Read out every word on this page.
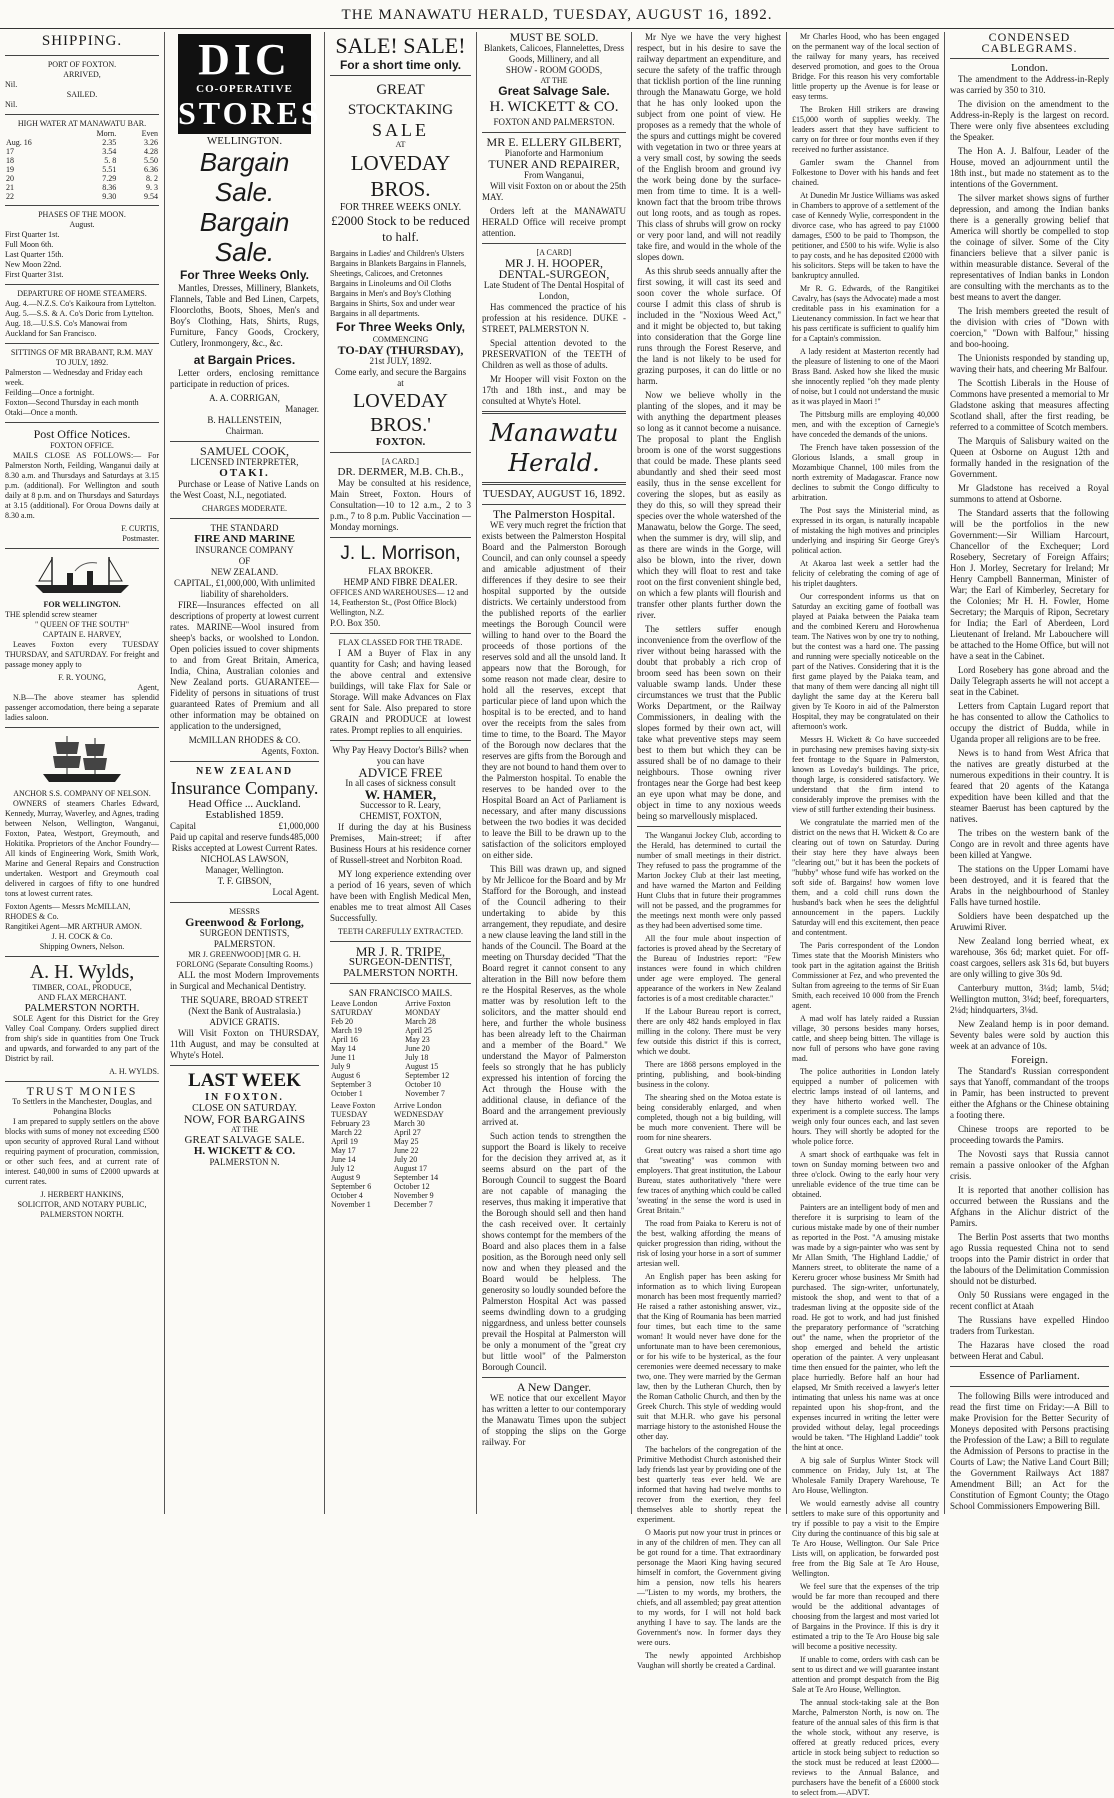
THE MANAWATU HERALD, TUESDAY, AUGUST 16, 1892.
SHIPPING.
PORT OF FOXTON.
ARRIVED,
Nil.
SAILED.
Nil.
HIGH WATER AT MANAWATU BAR.
	Morn.	Even
Aug. 16	2.35	3.26
17	3.54	4.28
18	5. 8	5.50
19	5.51	6.36
20	7.29	8. 2
21	8.36	9. 3
22	9.30	9.54
PHASES OF THE MOON.
August.
First Quarter 1st.
Full Moon 6th.
Last Quarter 15th.
New Moon 22nd.
First Quarter 31st.
DEPARTURE OF HOME STEAMERS.
Aug. 4.—N.Z.S. Co's Kaikoura from Lyttelton.
Aug. 5.—S.S. & A. Co's Doric from Lyttelton.
Aug. 18.—U.S.S. Co's Manowai from Auckland for San Francisco.
SITTINGS OF MR BRABANT, R.M. MAY TO JULY, 1892.
Palmerston — Wednesday and Friday each week.
Feilding—Once a fortnight.
Foxton—Second Thursday in each month
Otaki—Once a month.
Post Office Notices.
FOXTON OFFICE.
MAILS CLOSE AS FOLLOWS:— For Palmerston North, Feilding, Wanganui daily at 8.30 a.m. and Thursdays and Saturdays at 3.15 p.m. (additional). For Wellington and south daily at 8 p.m. and on Thursdays and Saturdays at 3.15 (additional). For Oroua Downs daily at 8.30 a.m.
F. CURTIS,
Postmaster.
FOR WELLINGTON.
THE splendid screw steamer
" QUEEN OF THE SOUTH"
CAPTAIN E. HARVEY,
Leaves Foxton every TUESDAY THURSDAY, and SATURDAY. For freight and passage money apply to
F. R. YOUNG,
Agent,
N.B—The above steamer has splendid passenger accomodation, there being a separate ladies saloon.
ANCHOR S.S. COMPANY OF NELSON.
OWNERS of steamers Charles Edward, Kennedy, Murray, Waverley, and Agnes, trading between Nelson, Wellington, Wanganui, Foxton, Patea, Westport, Greymouth, and Hokitika. Proprietors of the Anchor Foundry—All kinds of Engineering Work, Smith Work, Marine and General Repairs and Construction undertaken. Westport and Greymouth coal delivered in cargoes of fifty to one hundred tons at lowest current rates.
Foxton Agents— Messrs McMILLAN, RHODES & Co.
Rangitikei Agent—MR ARTHUR AMON.
J. H. COCK & Co.
Shipping Owners, Nelson.
A. H. Wylds,
TIMBER, COAL, PRODUCE,
AND FLAX MERCHANT.
PALMERSTON NORTH.
SOLE Agent for this District for the Grey Valley Coal Company. Orders supplied direct from ship's side in quantities from One Truck and upwards, and forwarded to any part of the District by rail.
A. H. WYLDS.
TRUST MONIES
To Settlers in the Manchester, Douglas, and Pohangina Blocks
I am prepared to supply settlers on the above blocks with sums of money not exceeding £500 upon security of approved Rural Land without requiring payment of procuration, commission, or other such fees, and at current rate of interest. £40,000 in sums of £2000 upwards at current rates.
J. HERBERT HANKINS,
SOLICITOR, AND NOTARY PUBLIC,
PALMERSTON NORTH.
DIC
CO-OPERATIVE
STORES
WELLINGTON.
Bargain Sale.
Bargain Sale.
For Three Weeks Only.
Mantles, Dresses, Millinery, Blankets, Flannels, Table and Bed Linen, Carpets, Floorcloths, Boots, Shoes, Men's and Boy's Clothing, Hats, Shirts, Rugs, Furniture, Fancy Goods, Crockery, Cutlery, Ironmongery, &c., &c.
at Bargain Prices.
Letter orders, enclosing remittance participate in reduction of prices.
A. A. CORRIGAN,
Manager.
B. HALLENSTEIN,
Chairman.
SAMUEL COOK,
LICENSED INTERPRETER,
OTAKI.
Purchase or Lease of Native Lands on the West Coast, N.I., negotiated.
CHARGES MODERATE.
THE STANDARD
FIRE AND MARINE
INSURANCE COMPANY
OF
NEW ZEALAND.
CAPITAL, £1,000,000, With unlimited liability of shareholders.
FIRE—Insurances effected on all descriptions of property at lowest current rates. MARINE—Wool insured from sheep's backs, or woolshed to London. Open policies issued to cover shipments to and from Great Britain, America, India, China, Australian colonies and New Zealand ports. GUARANTEE—Fidelity of persons in situations of trust guaranteed Rates of Premium and all other information may be obtained on application to the undersigned,
McMILLAN RHODES & CO.
Agents, Foxton.
NEW ZEALAND
Insurance Company.
Head Office ... Auckland.
Established 1859.
Capital	£1,000,000
Paid up capital and reserve funds 485,000
Risks accepted at Lowest Current Rates.
NICHOLAS LAWSON,
Manager, Wellington.
T. F. GIBSON,
Local Agent.
MESSRS
Greenwood & Forlong,
SURGEON DENTISTS,
PALMERSTON.
MR J. GREENWOOD] [MR G. H. FORLONG (Separate Consulting Rooms.)
ALL the most Modern Improvements in Surgical and Mechanical Dentistry.
THE SQUARE, BROAD STREET (Next the Bank of Australasia.)
ADVICE GRATIS.
Will Visit Foxton on THURSDAY, 11th August, and may be consulted at Whyte's Hotel.
LAST WEEK
IN FOXTON.
CLOSE ON SATURDAY.
NOW, FOR BARGAINS
AT THE
GREAT SALVAGE SALE.
H. WICKETT & CO.
PALMERSTON N.
SALE! SALE!
For a short time only.
GREAT STOCKTAKING
SALE
AT
LOVEDAY BROS.
FOR THREE WEEKS ONLY.
£2000 Stock to be reduced to half.
Bargains in Ladies' and Children's Ulsters Bargains in Blankets Bargains in Flannels, Sheetings, Calicoes, and Cretonnes Bargains in Linoleums and Oil Cloths Bargains in Men's and Boy's Clothing Bargains in Shirts, Sox and under wear Bargains in all departments.
For Three Weeks Only,
COMMENCING
TO-DAY (THURSDAY),
21st JULY, 1892.
Come early, and secure the Bargains
at
LOVEDAY BROS.'
FOXTON.
[A CARD.]
DR. DERMER, M.B. Ch.B.,
May be consulted at his residence, Main Street, Foxton. Hours of Consultation—10 to 12 a.m., 2 to 3 p.m., 7 to 8 p.m. Public Vaccination — Monday mornings.
J. L. Morrison,
FLAX BROKER.
HEMP AND FIBRE DEALER.
OFFICES AND WAREHOUSES— 12 and 14, Featherston St., (Post Office Block) Wellington, N.Z.
P.O. Box 350.
FLAX CLASSED FOR THE TRADE.
I AM a Buyer of Flax in any quantity for Cash; and having leased the above central and extensive buildings, will take Flax for Sale or Storage. Will make Advances on Flax sent for Sale. Also prepared to store GRAIN and PRODUCE at lowest rates. Prompt replies to all enquiries.
Why Pay Heavy Doctor's Bills? when you can have
ADVICE FREE
In all cases of sickness consult
W. HAMER,
Successor to R. Leary,
CHEMIST, FOXTON,
If during the day at his Business Premises, Main-street; if after Business Hours at his residence corner of Russell-street and Norbiton Road.
MY long experience extending over a period of 16 years, seven of which have been with English Medical Men, enables me to treat almost All Cases Successfully.
TEETH CAREFULLY EXTRACTED.
MR J. R. TRIPE,
SURGEON-DENTIST,
PALMERSTON NORTH.
SAN FRANCISCO MAILS.
Leave London SATURDAY	Arrive Foxton MONDAY
Feb 20	March 28
March 19	April 25
April 16	May 23
May 14	June 20
June 11	July 18
July 9	August 15
August 6	September 12
September 3	October 10
October 1	November 7
Leave Foxton TUESDAY	Arrive London WEDNESDAY
February 23	March 30
March 22	April 27
April 19	May 25
May 17	June 22
June 14	July 20
July 12	August 17
August 9	September 14
September 6	October 12
October 4	November 9
November 1	December 7
MUST BE SOLD.
Blankets, Calicoes, Flannelettes, Dress Goods, Millinery, and all
SHOW - ROOM GOODS,
AT THE
Great Salvage Sale.
H. WICKETT & CO.
FOXTON AND PALMERSTON.
MR E. ELLERY GILBERT,
Pianoforte and Harmonium
TUNER AND REPAIRER,
From Wanganui,
Will visit Foxton on or about the 25th MAY.
Orders left at the MANAWATU HERALD Office will receive prompt attention.
[A CARD]
MR J. H. HOOPER,
DENTAL-SURGEON,
Late Student of The Dental Hospital of London,
Has commenced the practice of his profession at his residence. DUKE - STREET, PALMERSTON N.
Special attention devoted to the PRESERVATION of the TEETH of Children as well as those of adults.
Mr Hooper will visit Foxton on the 17th and 18th inst., and may be consulted at Whyte's Hotel.
Manawatu Herald.
TUESDAY, AUGUST 16, 1892.
The Palmerston Hospital.
WE very much regret the friction that exists between the Palmerston Hospital Board and the Palmerston Borough Council, and can only counsel a speedy and amicable adjustment of their differences if they desire to see their hospital supported by the outside districts. We certainly understood from the published reports of the earlier meetings the Borough Council were willing to hand over to the Board the proceeds of those portions of the reserves sold and all the unsold land. It appears now that the Borough, for some reason not made clear, desire to hold all the reserves, except that particular piece of land upon which the hospital is to be erected, and to hand over the receipts from the sales from time to time, to the Board. The Mayor of the Borough now declares that the reserves are gifts from the Borough and they are not bound to hand them over to the Palmerston hospital. To enable the reserves to be handed over to the Hospital Board an Act of Parliament is necessary, and after many discussions between the two bodies it was decided to leave the Bill to be drawn up to the satisfaction of the solicitors employed on either side.
This Bill was drawn up, and signed by Mr Jellicoe for the Board and by Mr Stafford for the Borough, and instead of the Council adhering to their undertaking to abide by this arrangement, they repudiate, and desire a new clause leaving the land still in the hands of the Council. The Board at the meeting on Thursday decided "That the Board regret it cannot consent to any alteration in the Bill now before them re the Hospital Reserves, as the whole matter was by resolution left to the solicitors, and the matter should end here, and further the whole business has been already left to the Chairman and a member of the Board." We understand the Mayor of Palmerston feels so strongly that he has publicly expressed his intention of forcing the Act through the House with the additional clause, in defiance of the Board and the arrangement previously arrived at.
Such action tends to strengthen the support the Board is likely to receive for the decision they arrived at, as it seems absurd on the part of the Borough Council to suggest the Board are not capable of managing the reserves, thus making it imperative that the Borough should sell and then hand the cash received over. It certainly shows contempt for the members of the Board and also places them in a false position, as the Borough need only sell now and when they pleased and the Board would be helpless. The generosity so loudly sounded before the Palmerston Hospital Act was passed seems dwindling down to a grudging niggardness, and unless better counsels prevail the Hospital at Palmerston will be only a monument of the "great cry but little wool" of the Palmerston Borough Council.
A New Danger.
WE notice that our excellent Mayor has written a letter to our contemporary the Manawatu Times upon the subject of stopping the slips on the Gorge railway. For
Mr Nye we have the very highest respect, but in his desire to save the railway department an expenditure, and secure the safety of the traffic through that ticklish portion of the line running through the Manawatu Gorge, we hold that he has only looked upon the subject from one point of view. He proposes as a remedy that the whole of the spurs and cuttings might be covered with vegetation in two or three years at a very small cost, by sowing the seeds of the English broom and ground ivy the work being done by the surface-men from time to time. It is a well-known fact that the broom tribe throws out long roots, and as tough as ropes. This class of shrubs will grow on rocky or very poor land, and will not readily take fire, and would in the whole of the slopes down.
As this shrub seeds annually after the first sowing, it will cast its seed and soon cover the whole surface. Of course I admit this class of shrub is included in the "Noxious Weed Act," and it might be objected to, but taking into consideration that the Gorge line runs through the Forest Reserve, and the land is not likely to be used for grazing purposes, it can do little or no harm.
Now we believe wholly in the planting of the slopes, and it may be with anything the department pleases so long as it cannot become a nuisance. The proposal to plant the English broom is one of the worst suggestions that could be made. These plants seed abundantly and shed their seed most easily, thus in the sense excellent for covering the slopes, but as easily as they do this, so will they spread their species over the whole watershed of the Manawatu, below the Gorge. The seed, when the summer is dry, will slip, and as there are winds in the Gorge, will also be blown, into the river, down which they will float to rest and take root on the first convenient shingle bed, on which a few plants will flourish and transfer other plants further down the river.
The settlers suffer enough inconvenience from the overflow of the river without being harassed with the doubt that probably a rich crop of broom seed has been sown on their valuable swamp lands. Under these circumstances we trust that the Public Works Department, or the Railway Commissioners, in dealing with the slopes formed by their own act, will take what preventive steps may seem best to them but which they can be assured shall be of no damage to their neighbours. Those owning river frontages near the Gorge had best keep an eye upon what may be done, and object in time to any noxious weeds being so marvellously misplaced.
The Wanganui Jockey Club, according to the Herald, has determined to curtail the number of small meetings in their district. They refused to pass the programme of the Marton Jockey Club at their last meeting, and have warned the Marton and Feilding Hunt Clubs that in future their programmes will not be passed, and the programmes for the meetings next month were only passed as they had been advertised some time.
All the four mule about inspection of factories is proved ahead by the Secretary of the Bureau of Industries report: "Few instances were found in which children under age were employed. The general appearance of the workers in New Zealand factories is of a most creditable character."
If the Labour Bureau report is correct, there are only 482 hands employed in flax milling in the colony. There must be very few outside this district if this is correct, which we doubt.
There are 1868 persons employed in the printing, publishing, and book-binding business in the colony.
The shearing shed on the Motoa estate is being considerably enlarged, and when completed, though not a big building, will be much more convenient. There will be room for nine shearers.
Great outcry was raised a short time ago that "sweating" was common with employers. That great institution, the Labour Bureau, states authoritatively "there were few traces of anything which could be called 'sweating' in the sense the word is used in Great Britain."
The road from Paiaka to Kereru is not of the best, walking affording the means of quicker progression than riding, without the risk of losing your horse in a sort of summer artesian well.
An English paper has been asking for information as to which living European monarch has been most frequently married? He raised a rather astonishing answer, viz., that the King of Roumania has been married four times, but each time to the same woman! It would never have done for the unfortunate man to have been ceremonious, or for his wife to be hysterical, as the four ceremonies were deemed necessary to make two, one. They were married by the German law, then by the Lutheran Church, then by the Roman Catholic Church, and then by the Greek Church. This style of wedding would suit that M.H.R. who gave his personal marriage history to the astonished House the other day.
The bachelors of the congregation of the Primitive Methodist Church astonished their lady friends last year by providing one of the best quarterly teas ever held. We are informed that having had twelve months to recover from the exertion, they feel themselves able to shortly repeat the experiment.
O Maoris put now your trust in princes or in any of the children of men. They can all be got round for a time. That extraordinary personage the Maori King having secured himself in comfort, the Government giving him a pension, now tells his hearers—"Listen to my words, my brothers, the chiefs, and all assembled; pay great attention to my words, for I will not hold back anything I have to say. The lands are the Government's now. In former days they were ours.
The newly appointed Archbishop Vaughan will shortly be created a Cardinal.
Mr Charles Hood, who has been engaged on the permanent way of the local section of the railway for many years, has received deserved promotion, and goes to the Oroua Bridge. For this reason his very comfortable little property up the Avenue is for lease or easy terms.
The Broken Hill strikers are drawing £15,000 worth of supplies weekly. The leaders assert that they have sufficient to carry on for three or four months even if they received no further assistance.
Gamler swam the Channel from Folkestone to Dover with his hands and feet chained.
At Dunedin Mr Justice Williams was asked in Chambers to approve of a settlement of the case of Kennedy Wylie, correspondent in the divorce case, who has agreed to pay £1000 damages, £500 to be paid to Thompson, the petitioner, and £500 to his wife. Wylie is also to pay costs, and he has deposited £2000 with his solicitors. Steps will be taken to have the bankruptcy annulled.
Mr R. G. Edwards, of the Rangitikei Cavalry, has (says the Advocate) made a most creditable pass in his examination for a Lieutenancy commission. In fact we hear that his pass certificate is sufficient to qualify him for a Captain's commission.
A lady resident at Masterton recently had the pleasure of listening to one of the Maori Brass Band. Asked how she liked the music she innocently replied "oh they made plenty of noise, but I could not understand the music as it was played in Maori !"
The Pittsburg mills are employing 40,000 men, and with the exception of Carnegie's have conceded the demands of the unions.
The French have taken possession of the Glorious Islands, a small group in Mozambique Channel, 100 miles from the north extremity of Madagascar. France now declines to submit the Congo difficulty to arbitration.
The Post says the Ministerial mind, as expressed in its organ, is naturally incapable of mistaking the high motives and principles underlying and inspiring Sir George Grey's political action.
At Akaroa last week a settler had the felicity of celebrating the coming of age of his triplet daughters.
Our correspondent informs us that on Saturday an exciting game of football was played at Paiaka between the Paiaka team and the combined Kereru and Horowhenua team. The Natives won by one try to nothing, but the contest was a hard one. The passing and running were specially noticeable on the part of the Natives. Considering that it is the first game played by the Paiaka team, and that many of them were dancing all night till daylight the same day at the Kereru ball given by Te Kooro in aid of the Palmerston Hospital, they may be congratulated on their afternoon's work.
Messrs H. Wickett & Co have succeeded in purchasing new premises having sixty-six feet frontage to the Square in Palmerston, known as Loveday's buildings. The price, though large, is considered satisfactory. We understand that the firm intend to considerably improve the premises with the view of still further extending their business.
We congratulate the married men of the district on the news that H. Wickett & Co are clearing out of town on Saturday. During their stay here they have always been "clearing out," but it has been the pockets of "hubby" whose fund wife has worked on the soft side of. Bargains! how women love them, and a cold chill runs down the husband's back when he sees the delightful announcement in the papers. Luckily Saturday will end this excitement, then peace and contentment.
The Paris correspondent of the London Times state that the Moorish Ministers who took part in the agitation against the British Commissioner at Fez, and who prevented the Sultan from agreeing to the terms of Sir Euan Smith, each received 10 000 from the French agent.
A mad wolf has lately raided a Russian village, 30 persons besides many horses, cattle, and sheep being bitten. The village is now full of persons who have gone raving mad.
The police authorities in London lately equipped a number of policemen with electric lamps instead of oil lanterns, and they have hitherto worked well. The experiment is a complete success. The lamps weigh only four ounces each, and last seven hours. They will shortly be adopted for the whole police force.
A smart shock of earthquake was felt in town on Sunday morning between two and three o'clock. Owing to the early hour very unreliable evidence of the true time can be obtained.
Painters are an intelligent body of men and therefore it is surprising to learn of the curious mistake made by one of their number as reported in the Post. "A amusing mistake was made by a sign-painter who was sent by Mr Allan Smith, 'The Highland Laddie,' of Manners street, to obliterate the name of a Kereru grocer whose business Mr Smith had purchased. The sign-writer, unfortunately, mistook the shop, and went to that of a tradesman living at the opposite side of the road. He got to work, and had just finished the preparatory performance of "scratching out" the name, when the proprietor of the shop emerged and beheld the artistic operation of the painter. A very unpleasant time then ensued for the painter, who left the place hurriedly. Before half an hour had elapsed, Mr Smith received a lawyer's letter intimating that unless his name was at once repainted upon his shop-front, and the expenses incurred in writing the letter were provided without delay, legal proceedings would be taken. "The Highland Laddie" took the hint at once.
A big sale of Surplus Winter Stock will commence on Friday, July 1st, at The Wholesale Family Drapery Warehouse, Te Aro House, Wellington.
We would earnestly advise all country settlers to make sure of this opportunity and try if possible to pay a visit to the Empire City during the continuance of this big sale at Te Aro House, Wellington. Our Sale Price Lists will, on application, be forwarded post free from the Big Sale at Te Aro House, Wellington.
We feel sure that the expenses of the trip would be far more than recouped and there would be the additional advantages of choosing from the largest and most varied lot of Bargains in the Province. If this is dry it estimated a trip to the Te Aro House big sale will become a positive necessity.
If unable to come, orders with cash can be sent to us direct and we will guarantee instant attention and prompt despatch from the Big Sale at Te Aro House, Wellington.
The annual stock-taking sale at the Bon Marche, Palmerston North, is now on. The feature of the annual sales of this firm is that the whole stock, without any reserve, is offered at greatly reduced prices, every article in stock being subject to reduction so the stock must be reduced at least £2000—reviews to the Annual Balance, and purchasers have the benefit of a £6000 stock to select from.—ADVT.
CONDENSED CABLEGRAMS.
London.
The amendment to the Address-in-Reply was carried by 350 to 310.
The division on the amendment to the Address-in-Reply is the largest on record. There were only five absentees excluding the Speaker.
The Hon A. J. Balfour, Leader of the House, moved an adjournment until the 18th inst., but made no statement as to the intentions of the Government.
The silver market shows signs of further depression, and among the Indian banks there is a generally growing belief that America will shortly be compelled to stop the coinage of silver. Some of the City financiers believe that a silver panic is within measurable distance. Several of the representatives of Indian banks in London are consulting with the merchants as to the best means to avert the danger.
The Irish members greeted the result of the division with cries of "Down with coercion," "Down with Balfour," hissing and boo-hooing.
The Unionists responded by standing up, waving their hats, and cheering Mr Balfour.
The Scottish Liberals in the House of Commons have presented a memorial to Mr Gladstone asking that measures affecting Scotland shall, after the first reading, be referred to a committee of Scotch members.
The Marquis of Salisbury waited on the Queen at Osborne on August 12th and formally handed in the resignation of the Government.
Mr Gladstone has received a Royal summons to attend at Osborne.
The Standard asserts that the following will be the portfolios in the new Government:—Sir William Harcourt, Chancellor of the Exchequer; Lord Rosebery, Secretary of Foreign Affairs; Hon J. Morley, Secretary for Ireland; Mr Henry Campbell Bannerman, Minister of War; the Earl of Kimberley, Secretary for the Colonies; Mr H. H. Fowler, Home Secretary; the Marquis of Ripon, Secretary for India; the Earl of Aberdeen, Lord Lieutenant of Ireland. Mr Labouchere will be attached to the Home Office, but will not have a seat in the Cabinet.
Lord Rosebery has gone abroad and the Daily Telegraph asserts he will not accept a seat in the Cabinet.
Letters from Captain Lugard report that he has consented to allow the Catholics to occupy the district of Budda, while in Uganda proper all religions are to be free.
News is to hand from West Africa that the natives are greatly disturbed at the numerous expeditions in their country. It is feared that 20 agents of the Katanga expedition have been killed and that the steamer Baerust has been captured by the natives.
The tribes on the western bank of the Congo are in revolt and three agents have been killed at Yangwe.
The stations on the Upper Lomami have been destroyed, and it is feared that the Arabs in the neighbourhood of Stanley Falls have turned hostile.
Soldiers have been despatched up the Aruwimi River.
New Zealand long berried wheat, ex warehouse, 36s 6d; market quiet. For off-coast cargoes, sellers ask 31s 6d, but buyers are only willing to give 30s 9d.
Canterbury mutton, 3¼d; lamb, 5¼d; Wellington mutton, 3⅛d; beef, forequarters, 2¼d; hindquarters, 3⅛d.
New Zealand hemp is in poor demand. Seventy bales were sold by auction this week at an advance of 10s.
Foreign.
The Standard's Russian correspondent says that Yanoff, commandant of the troops in Pamir, has been instructed to prevent either the Afghans or the Chinese obtaining a footing there.
Chinese troops are reported to be proceeding towards the Pamirs.
The Novosti says that Russia cannot remain a passive onlooker of the Afghan crisis.
It is reported that another collision has occurred between the Russians and the Afghans in the Alichur district of the Pamirs.
The Berlin Post asserts that two months ago Russia requested China not to send troops into the Pamir district in order that the labours of the Delimitation Commission should not be disturbed.
Only 50 Russians were engaged in the recent conflict at Ataah
The Russians have expelled Hindoo traders from Turkestan.
The Hazaras have closed the road between Herat and Cabul.
Essence of Parliament.
The following Bills were introduced and read the first time on Friday:—A Bill to make Provision for the Better Security of Moneys deposited with Persons practising the Profession of the Law; a Bill to regulate the Admission of Persons to practise in the Courts of Law; the Native Land Court Bill; the Government Railways Act 1887 Amendment Bill; an Act for the Constitution of Egmont County; the Otago School Commissioners Empowering Bill.
